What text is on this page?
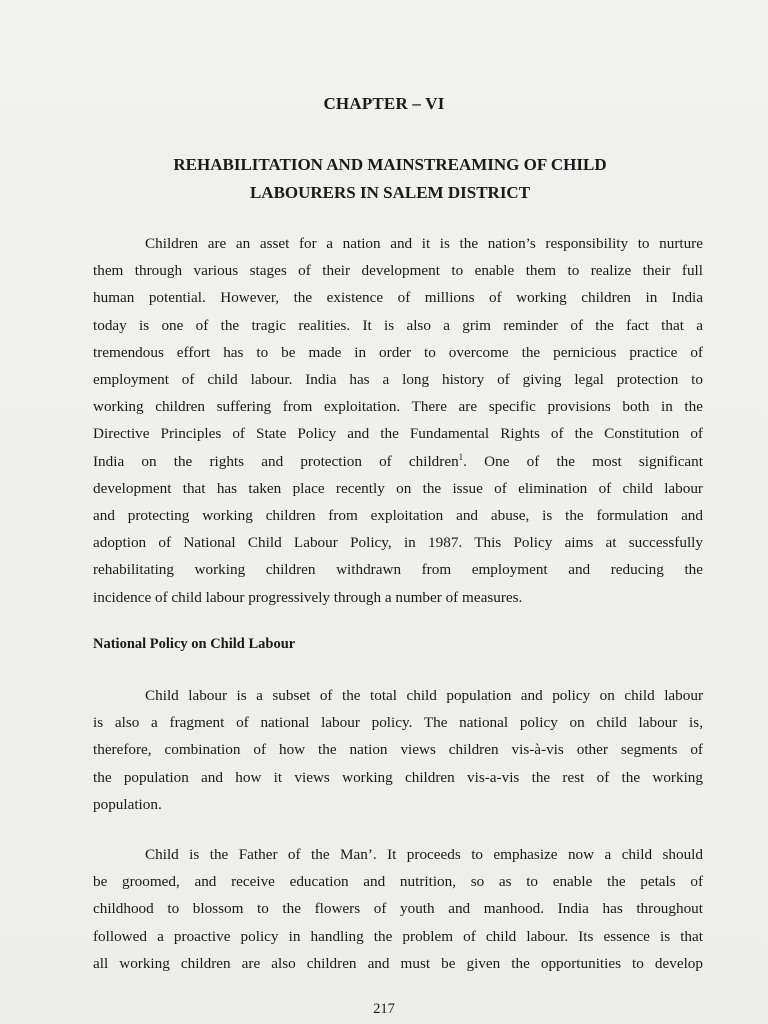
CHAPTER – VI
REHABILITATION AND MAINSTREAMING OF CHILD
LABOURERS IN SALEM DISTRICT

Children are an asset for a nation and it is the nation’s responsibility to nurture
them through various stages of their development to enable them to realize their full
human potential. However, the existence of millions of working children in India
today is one of the tragic realities. It is also a grim reminder of the fact that a
tremendous effort has to be made in order to overcome the pernicious practice of
employment of child labour. India has a long history of giving legal protection to
working children suffering from exploitation. There are specific provisions both in the
Directive Principles of State Policy and the Fundamental Rights of the Constitution of
India on the rights and protection of children$^1$. One of the most significant
development that has taken place recently on the issue of elimination of child labour
and protecting working children from exploitation and abuse, is the formulation and
adoption of National Child Labour Policy, in 1987. This Policy aims at successfully
rehabilitating working children withdrawn from employment and reducing the
incidence of child labour progressively through a number of measures.

National Policy on Child Labour

Child labour is a subset of the total child population and policy on child labour
is also a fragment of national labour policy. The national policy on child labour is,
therefore, combination of how the nation views children vis-à-vis other segments of
the population and how it views working children vis-a-vis the rest of the working
population.

Child is the Father of the Man’. It proceeds to emphasize now a child should
be groomed, and receive education and nutrition, so as to enable the petals of
childhood to blossom to the flowers of youth and manhood. India has throughout
followed a proactive policy in handling the problem of child labour. Its essence is that
all working children are also children and must be given the opportunities to develop

217
